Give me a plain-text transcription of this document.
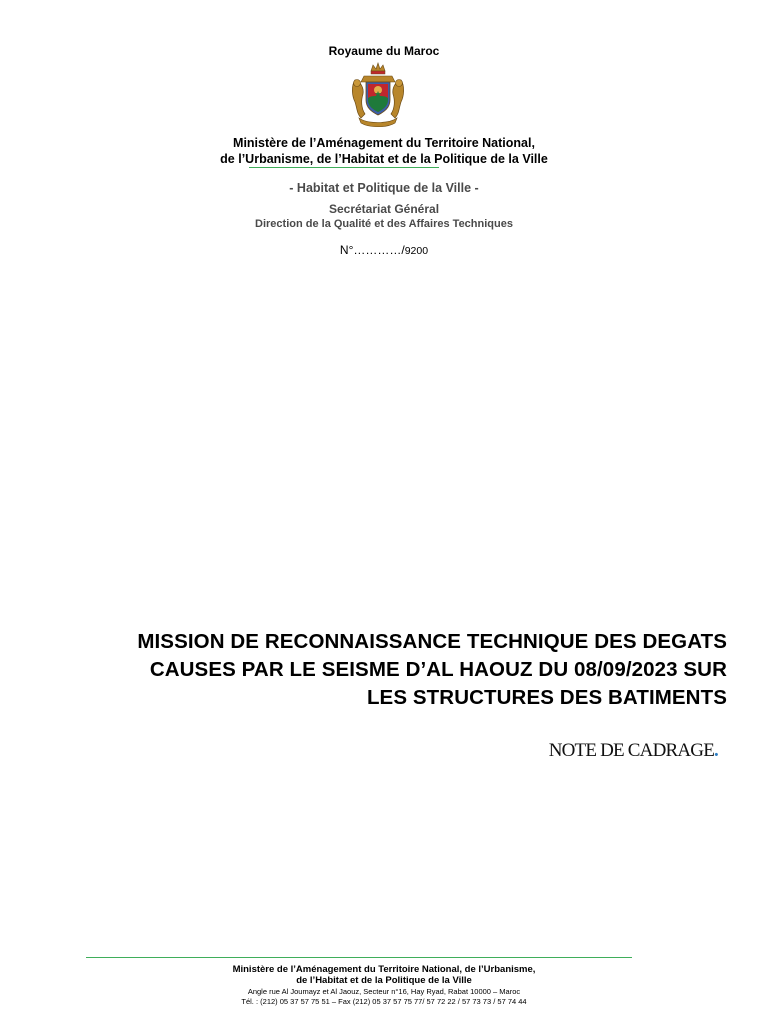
Royaume du Maroc
Ministère de l’Aménagement du Territoire National,
de l’Urbanisme, de l’Habitat et de la Politique de la Ville
- Habitat et Politique de la Ville -
Secrétariat Général
Direction de la Qualité et des Affaires Techniques
N°…………/9200
MISSION DE RECONNAISSANCE TECHNIQUE DES DEGATS
CAUSES PAR LE SEISME D’AL HAOUZ DU 08/09/2023 SUR
LES STRUCTURES DES BATIMENTS
NOTE DE CADRAGE.
Ministère de l’Aménagement du Territoire National, de l’Urbanisme,
de l’Habitat et de la Politique de la Ville
Angle rue Al Joumayz et Al Jaouz, Secteur n°16, Hay Ryad, Rabat 10000 – Maroc
Tél. : (212) 05 37 57 75 51 – Fax (212) 05 37 57 75 77/ 57 72 22 / 57 73 73 / 57 74 44
